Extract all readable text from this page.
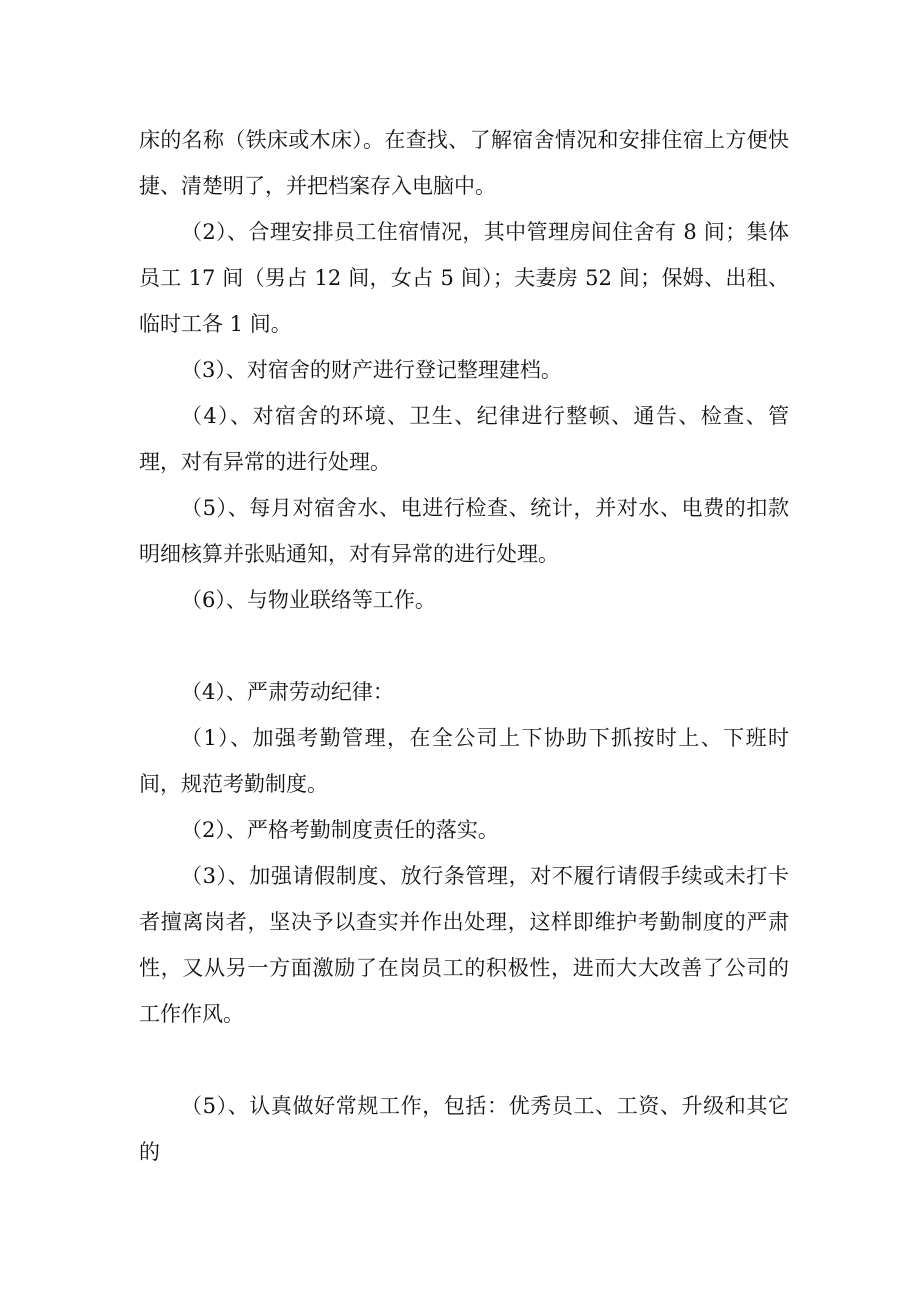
床的名称（铁床或木床）。在查找、了解宿舍情况和安排住宿上方便快捷、清楚明了，并把档案存入电脑中。

（2）、合理安排员工住宿情况，其中管理房间住舍有 8 间；集体员工 17 间（男占 12 间，女占 5 间）；夫妻房 52 间；保姆、出租、临时工各 1 间。

（3）、对宿舍的财产进行登记整理建档。

（4）、对宿舍的环境、卫生、纪律进行整顿、通告、检查、管理，对有异常的进行处理。

（5）、每月对宿舍水、电进行检查、统计，并对水、电费的扣款明细核算并张贴通知，对有异常的进行处理。

（6）、与物业联络等工作。

（4）、严肃劳动纪律：

（1）、加强考勤管理，在全公司上下协助下抓按时上、下班时间，规范考勤制度。

（2）、严格考勤制度责任的落实。

（3）、加强请假制度、放行条管理，对不履行请假手续或未打卡者擅离岗者，坚决予以查实并作出处理，这样即维护考勤制度的严肃性，又从另一方面激励了在岗员工的积极性，进而大大改善了公司的工作作风。

（5）、认真做好常规工作，包括：优秀员工、工资、升级和其它的
